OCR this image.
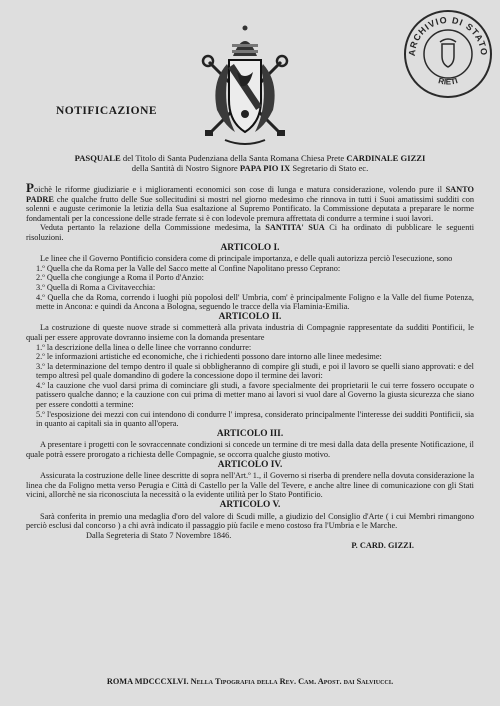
NOTIFICAZIONE
ARCHIVIO DI STATO
RIETI
PASQUALE del Titolo di Santa Pudenziana della Santa Romana Chiesa Prete CARDINALE GIZZI
della Santità di Nostro Signore PAPA PIO IX Segretario di Stato ec.

Poichè le riforme giudiziarie e i miglioramenti economici son cose di lunga e matura considerazione, volendo pure il SANTO PADRE che qualche frutto delle Sue sollecitudini si mostri nel giorno medesimo che rinnova in tutti i Suoi amatissimi sudditi con solenni e auguste cerimonie la letizia della Sua esaltazione al Supremo Pontificato. la Commissione deputata a preparare le norme fondamentali per la concessione delle strade ferrate si è con lodevole premura affrettata di condurre a termine i suoi lavori.

Veduta pertanto la relazione della Commissione medesima, la SANTITA' SUA Ci ha ordinato di pubblicare le seguenti risoluzioni.

ARTICOLO I.

Le linee che il Governo Pontificio considera come di principale importanza, e delle quali autorizza perciò l'esecuzione, sono

1.º Quella che da Roma per la Valle del Sacco mette al Confine Napolitano presso Ceprano:

2.º Quella che congiunge a Roma il Porto d'Anzio:

3.º Quella di Roma a Civitavecchia:

4.º Quella che da Roma, correndo i luoghi più popolosi dell' Umbria, com' è principalmente Foligno e la Valle del fiume Potenza, mette in Ancona: e quindi da Ancona a Bologna, seguendo le tracce della via Flaminia-Emilia.

ARTICOLO II.

La costruzione di queste nuove strade si commetterà alla privata industria di Compagnie rappresentate da sudditi Pontificii, le quali per essere approvate dovranno insieme con la domanda presentare

1.º la descrizione della linea o delle linee che vorranno condurre:

2.º le informazioni artistiche ed economiche, che i richiedenti possono dare intorno alle linee medesime:

3.º la determinazione del tempo dentro il quale si obbligheranno di compire gli studi, e poi il lavoro se quelli siano approvati: e del tempo altresì pel quale domandino di godere la concessione dopo il termine dei lavori:

4.º la cauzione che vuol darsi prima di cominciare gli studi, a favore specialmente dei proprietarii le cui terre fossero occupate o patissero qualche danno; e la cauzione con cui prima di metter mano ai lavori si vuol dare al Governo la giusta sicurezza che siano per essere condotti a termine:

5.º l'esposizione dei mezzi con cui intendono di condurre l' impresa, considerato principalmente l'interesse dei sudditi Pontificii, sia in quanto ai capitali sia in quanto all'opera.

ARTICOLO III.

A presentare i progetti con le sovraccennate condizioni si concede un termine di tre mesi dalla data della presente Notificazione, il quale potrà essere prorogato a richiesta delle Compagnie, se occorra qualche giusto motivo.

ARTICOLO IV.

Assicurata la costruzione delle linee descritte di sopra nell'Art.º 1., il Governo si riserba di prendere nella dovuta considerazione la linea che da Foligno metta verso Perugia e Città di Castello per la Valle del Tevere, e anche altre linee di comunicazione con gli Stati vicini, allorchè ne sia riconosciuta la necessità o la evidente utilità per lo Stato Pontificio.

ARTICOLO V.

Sarà conferita in premio una medaglia d'oro del valore di Scudi mille, a giudizio del Consiglio d'Arte ( i cui Membri rimangono perciò esclusi dal concorso ) a chi avrà indicato il passaggio più facile e meno costoso fra l'Umbria e le Marche.

Dalla Segreteria di Stato 7 Novembre 1846.

P. CARD. GIZZI.

ROMA MDCCCXLVI. Nella Tipografia della Rev. Cam. Apost. dai Salviucci.
